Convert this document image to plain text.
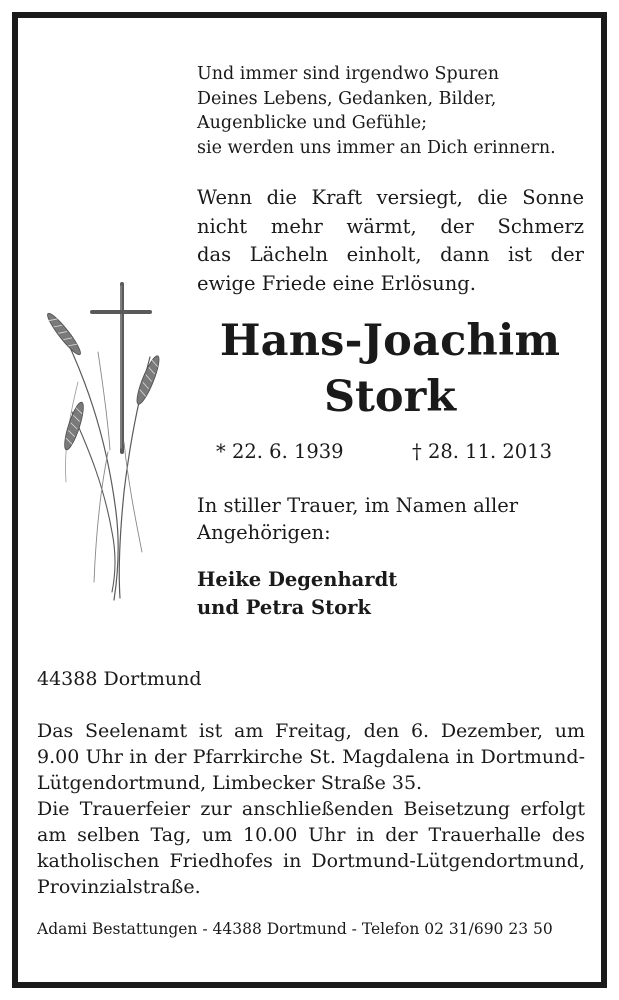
Und immer sind irgendwo Spuren
Deines Lebens, Gedanken, Bilder,
Augenblicke und Gefühle;
sie werden uns immer an Dich erinnern.
Wenn die Kraft versiegt, die Sonne
nicht mehr wärmt, der Schmerz
das Lächeln einholt, dann ist der
ewige Friede eine Erlösung.
Hans-Joachim
Stork
* 22. 6. 1939	† 28. 11. 2013
In stiller Trauer, im Namen aller
Angehörigen:
Heike Degenhardt
und Petra Stork
44388 Dortmund
Das Seelenamt ist am Freitag, den 6. Dezember, um
9.00 Uhr in der Pfarrkirche St. Magdalena in Dortmund-
Lütgendortmund, Limbecker Straße 35.
Die Trauerfeier zur anschließenden Beisetzung erfolgt
am selben Tag, um 10.00 Uhr in der Trauerhalle des
katholischen Friedhofes in Dortmund-Lütgendortmund,
Provinzialstraße.
Adami Bestattungen - 44388 Dortmund - Telefon 02 31/690 23 50
